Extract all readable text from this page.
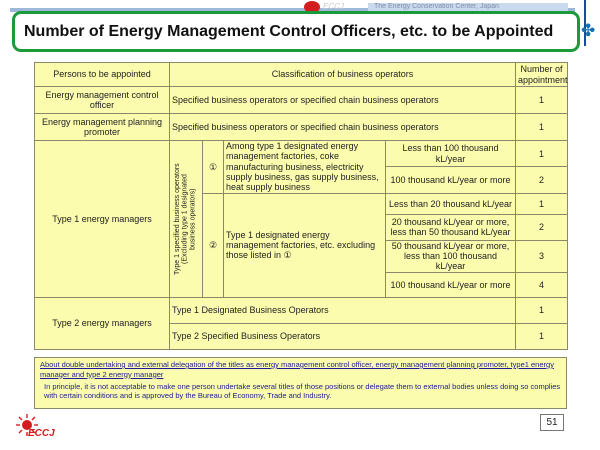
ECCJ	The Energy Conservation Center, Japan
✤
Number of Energy Management Control Officers, etc. to be Appointed
Persons to be appointed	Classification of business operators				Number of appointment
Energy management control officer	Specified business operators or specified chain business operators				1
Energy management planning promoter	Specified business operators or specified chain business operators				1
Type 1 energy managers	Type 1 specified business operators (Excluding type 1 designated business operators)	①	Among type 1 designated energy management factories, coke manufacturing business, electricity supply business, gas supply business, heat supply business	Less than 100 thousand kL/year	1
				100 thousand kL/year or more	2
		②	Type 1 designated energy management factories, etc. excluding those listed in ①	Less than 20 thousand kL/year	1
				20 thousand kL/year or more, less than 50 thousand kL/year	2
				50 thousand kL/year or more, less than 100 thousand kL/year	3
				100 thousand kL/year or more	4
Type 2 energy managers	Type 1 Designated Business Operators				1
	Type 2 Specified Business Operators				1
About double undertaking and external delegation of the titles as energy management control officer, energy management planning promoter, type1 energy manager and type 2 energy manager
In principle, it is not acceptable to make one person undertake several titles of those positions or delegate them to external bodies unless doing so complies with certain conditions and is approved by the Bureau of Economy, Trade and Industry.
51
ECCJ
